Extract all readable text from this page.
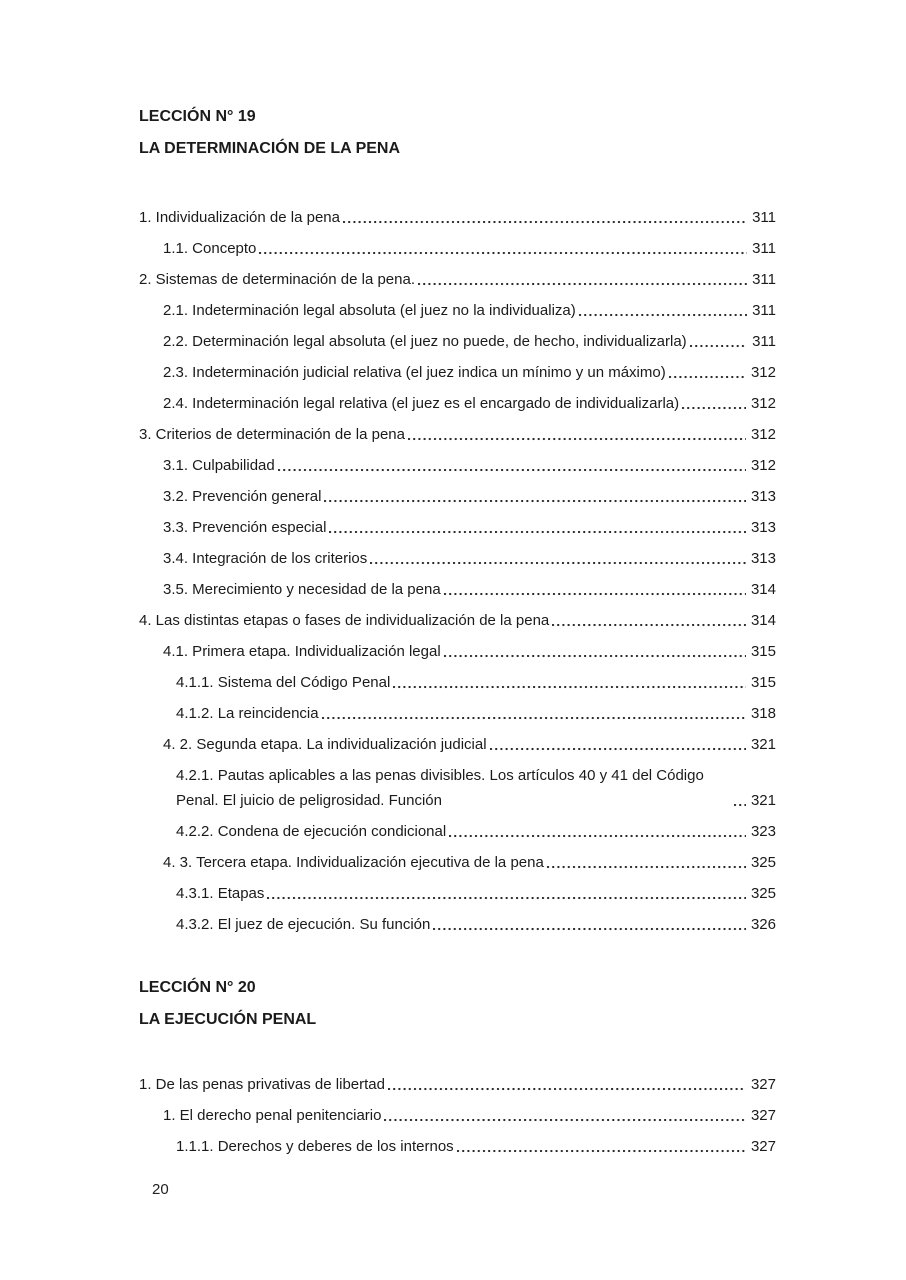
LECCIÓN N° 19
LA DETERMINACIÓN DE LA PENA
1. Individualización de la pena	311
1.1. Concepto	311
2. Sistemas de determinación de la pena.	311
2.1. Indeterminación legal absoluta (el juez no la individualiza)	311
2.2. Determinación legal absoluta (el juez no puede, de hecho, individualizarla)	311
2.3. Indeterminación judicial relativa (el juez indica un mínimo y un máximo)	312
2.4. Indeterminación legal relativa (el juez es el encargado de individualizarla)	312
3. Criterios de determinación de la pena	312
3.1. Culpabilidad	312
3.2. Prevención general	313
3.3. Prevención especial	313
3.4. Integración de los criterios	313
3.5. Merecimiento y necesidad de la pena	314
4. Las distintas etapas o fases de individualización de la pena	314
4.1. Primera etapa. Individualización legal	315
4.1.1. Sistema del Código Penal	315
4.1.2. La reincidencia	318
4. 2. Segunda etapa. La individualización judicial	321
4.2.1. Pautas aplicables a las penas divisibles. Los artículos 40 y 41 del Código Penal. El juicio de peligrosidad. Función	321
4.2.2. Condena de ejecución condicional	323
4. 3. Tercera etapa. Individualización ejecutiva de la pena	325
4.3.1. Etapas	325
4.3.2. El juez de ejecución. Su función	326
LECCIÓN N° 20
LA EJECUCIÓN PENAL
1. De las penas privativas de libertad	327
1. El derecho penal penitenciario	327
1.1.1. Derechos y deberes de los internos	327
20
